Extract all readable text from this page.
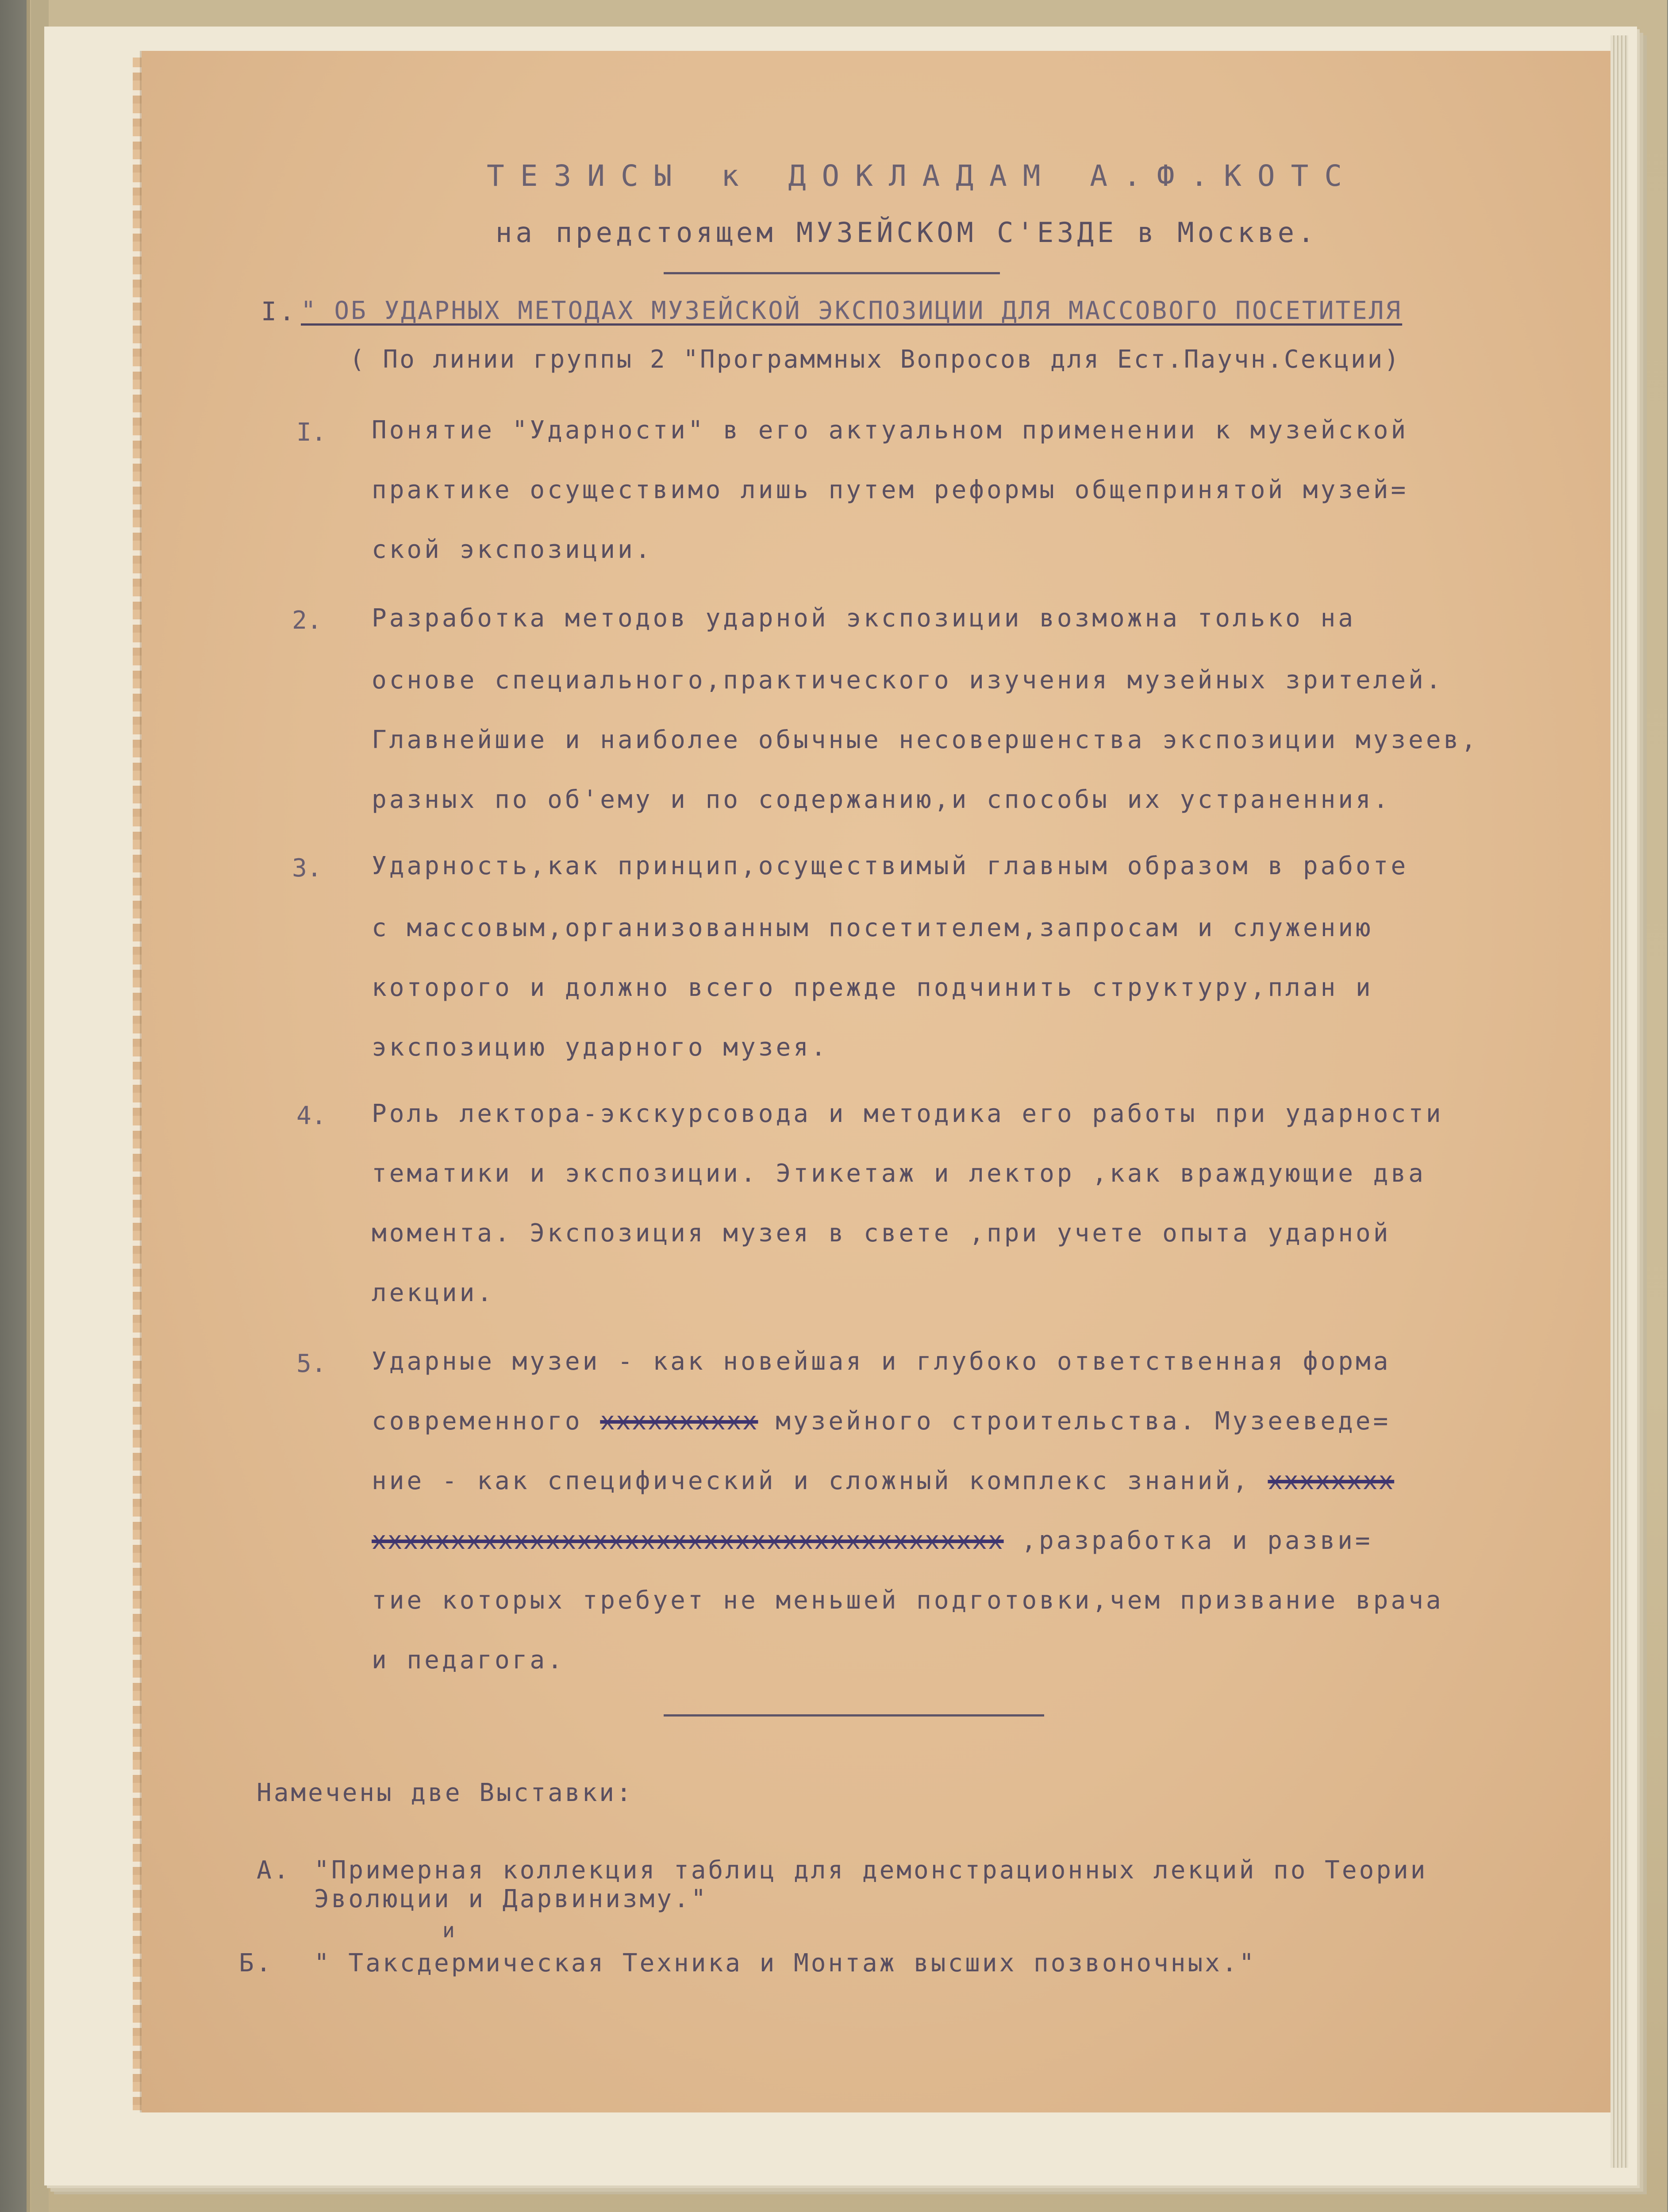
ТЕЗИСЫ к ДОКЛАДАМ А.Ф.КОТС
на предстоящем МУЗЕЙСКОМ С'ЕЗДЕ в Москве.
I. " ОБ УДАРНЫХ МЕТОДАХ МУЗЕЙСКОЙ ЭКСПОЗИЦИИ ДЛЯ МАССОВОГО ПОСЕТИТЕЛЯ
( По линии группы 2 "Программных Вопросов для Ест.Паучн.Секции)
I. Понятие "Ударности" в его актуальном применении к музейской
практике осуществимо лишь путем реформы общепринятой музей=
ской экспозиции.
2. Разработка методов ударной экспозиции возможна только на
основе специального,практического изучения музейных зрителей.
Главнейшие и наиболее обычные несовершенства экспозиции музеев,
разных по об'ему и по содержанию,и способы их устраненния.
3. Ударность,как принцип,осуществимый главным образом в работе
с массовым,организованным посетителем,запросам и служению
которого и должно всего прежде подчинить структуру,план и
экспозицию ударного музея.
4. Роль лектора-экскурсовода и методика его работы при ударности
тематики и экспозиции. Этикетаж и лектор ,как враждующие два
момента. Экспозиция музея в свете ,при учете опыта ударной
лекции.
5. Ударные музеи - как новейшая и глубоко ответственная форма
современного хххххххххх музейного строительства. Музееведе=
ние - как специфический и сложный комплекс знаний, хххххххх
хххххххххххххххххххххххххххххххххххххххх ,разработка и разви=
тие которых требует не меньшей подготовки,чем призвание врача
и педагога.
Намечены две Выставки:
А. "Примерная коллекция таблиц для демонстрационных лекций по Теории
Эволюции и Дарвинизму."
и
Б. " Таксдермическая Техника и Монтаж высших позвоночных."
